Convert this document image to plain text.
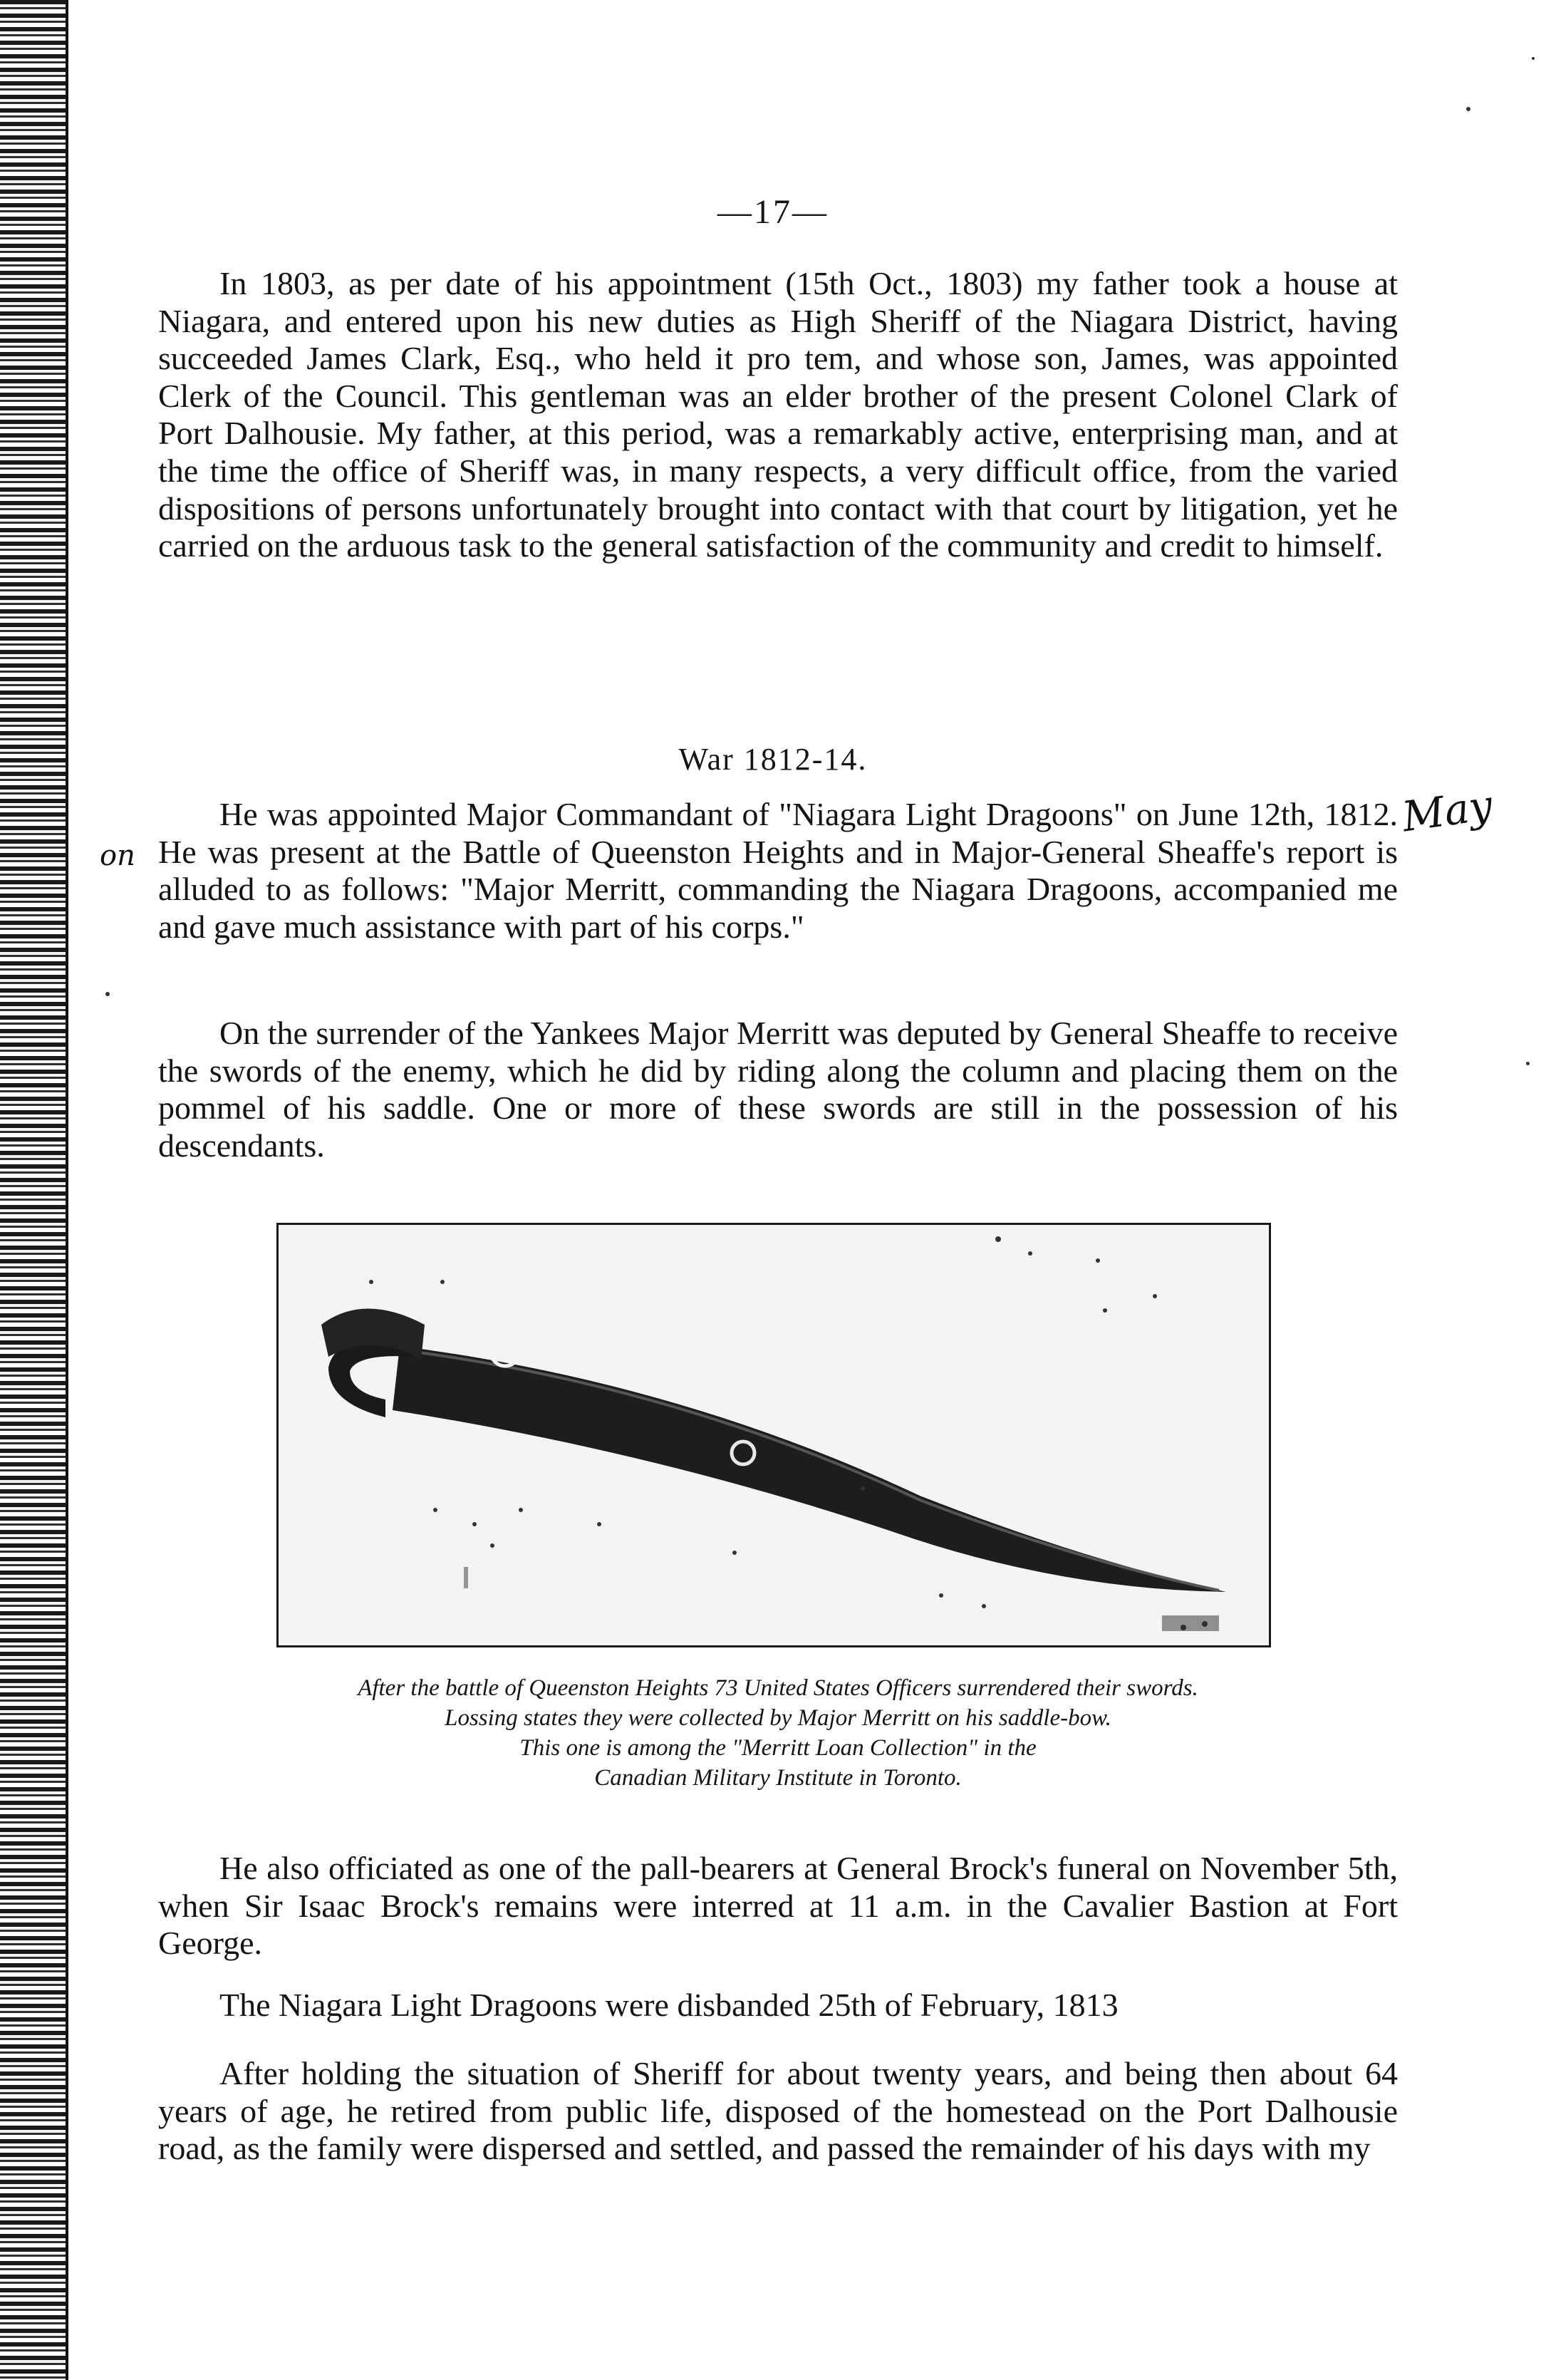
—17—

In 1803, as per date of his appointment (15th Oct., 1803) my father took a house at Niagara, and entered upon his new duties as High Sheriff of the Niagara District, having succeeded James Clark, Esq., who held it pro tem, and whose son, James, was appointed Clerk of the Council. This gentleman was an elder brother of the present Colonel Clark of Port Dalhousie. My father, at this period, was a remarkably active, enterprising man, and at the time the office of Sheriff was, in many respects, a very difficult office, from the varied dispositions of persons unfortunately brought into contact with that court by litigation, yet he carried on the arduous task to the general satisfaction of the community and credit to himself.

War 1812-14.

He was appointed Major Commandant of "Niagara Light Dragoons" on June 12th, 1812. He was present at the Battle of Queenston Heights and in Major-General Sheaffe's report is alluded to as follows: "Major Merritt, commanding the Niagara Dragoons, accompanied me and gave much assistance with part of his corps."

May
on

On the surrender of the Yankees Major Merritt was deputed by General Sheaffe to receive the swords of the enemy, which he did by riding along the column and placing them on the pommel of his saddle. One or more of these swords are still in the possession of his descendants.

After the battle of Queenston Heights 73 United States Officers surrendered their swords.
Lossing states they were collected by Major Merritt on his saddle-bow.
This one is among the "Merritt Loan Collection" in the
Canadian Military Institute in Toronto.

He also officiated as one of the pall-bearers at General Brock's funeral on November 5th, when Sir Isaac Brock's remains were interred at 11 a.m. in the Cavalier Bastion at Fort George.

The Niagara Light Dragoons were disbanded 25th of February, 1813

After holding the situation of Sheriff for about twenty years, and being then about 64 years of age, he retired from public life, disposed of the homestead on the Port Dalhousie road, as the family were dispersed and settled, and passed the remainder of his days with my
